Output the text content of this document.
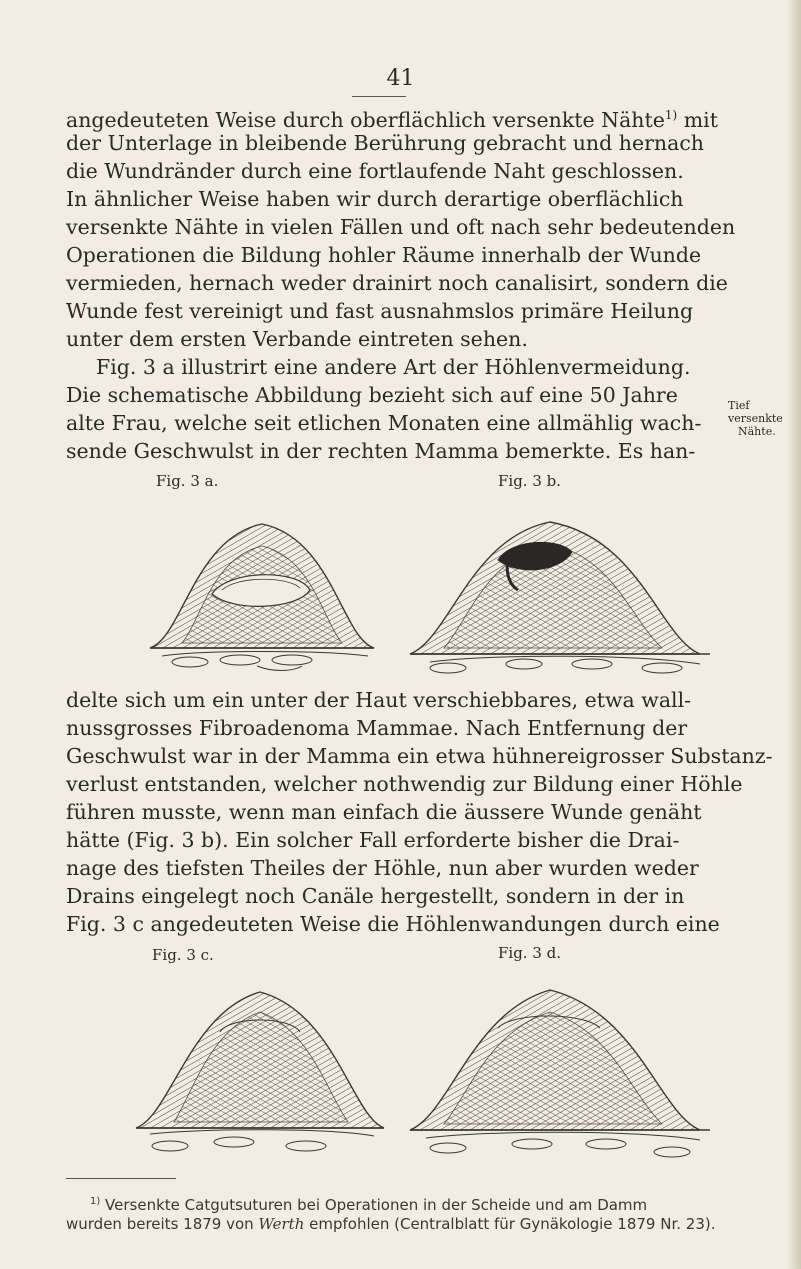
41
angedeuteten Weise durch oberflächlich versenkte Nähte$^{1)}$ mit
der Unterlage in bleibende Berührung gebracht und hernach
die Wundränder durch eine fortlaufende Naht geschlossen.
In ähnlicher Weise haben wir durch derartige oberflächlich
versenkte Nähte in vielen Fällen und oft nach sehr bedeutenden
Operationen die Bildung hohler Räume innerhalb der Wunde
vermieden, hernach weder drainirt noch canalisirt, sondern die
Wunde fest vereinigt und fast ausnahmslos primäre Heilung
unter dem ersten Verbande eintreten sehen.
Fig. 3 a illustrirt eine andere Art der Höhlenvermeidung.
Die schematische Abbildung bezieht sich auf eine 50 Jahre
alte Frau, welche seit etlichen Monaten eine allmählig wach-
sende Geschwulst in der rechten Mamma bemerkte. Es han-
Tief versenkte
Nähte.
Fig. 3 a.	Fig. 3 b.
delte sich um ein unter der Haut verschiebbares, etwa wall-
nussgrosses Fibroadenoma Mammae. Nach Entfernung der
Geschwulst war in der Mamma ein etwa hühnereigrosser Substanz-
verlust entstanden, welcher nothwendig zur Bildung einer Höhle
führen musste, wenn man einfach die äussere Wunde genäht
hätte (Fig. 3 b). Ein solcher Fall erforderte bisher die Drai-
nage des tiefsten Theiles der Höhle, nun aber wurden weder
Drains eingelegt noch Canäle hergestellt, sondern in der in
Fig. 3 c angedeuteten Weise die Höhlenwandungen durch eine
Fig. 3 c.	Fig. 3 d.
$^{1)}$ Versenkte Catgutsuturen bei Operationen in der Scheide und am Damm
wurden bereits 1879 von Werth empfohlen (Centralblatt für Gynäkologie 1879 Nr. 23).
